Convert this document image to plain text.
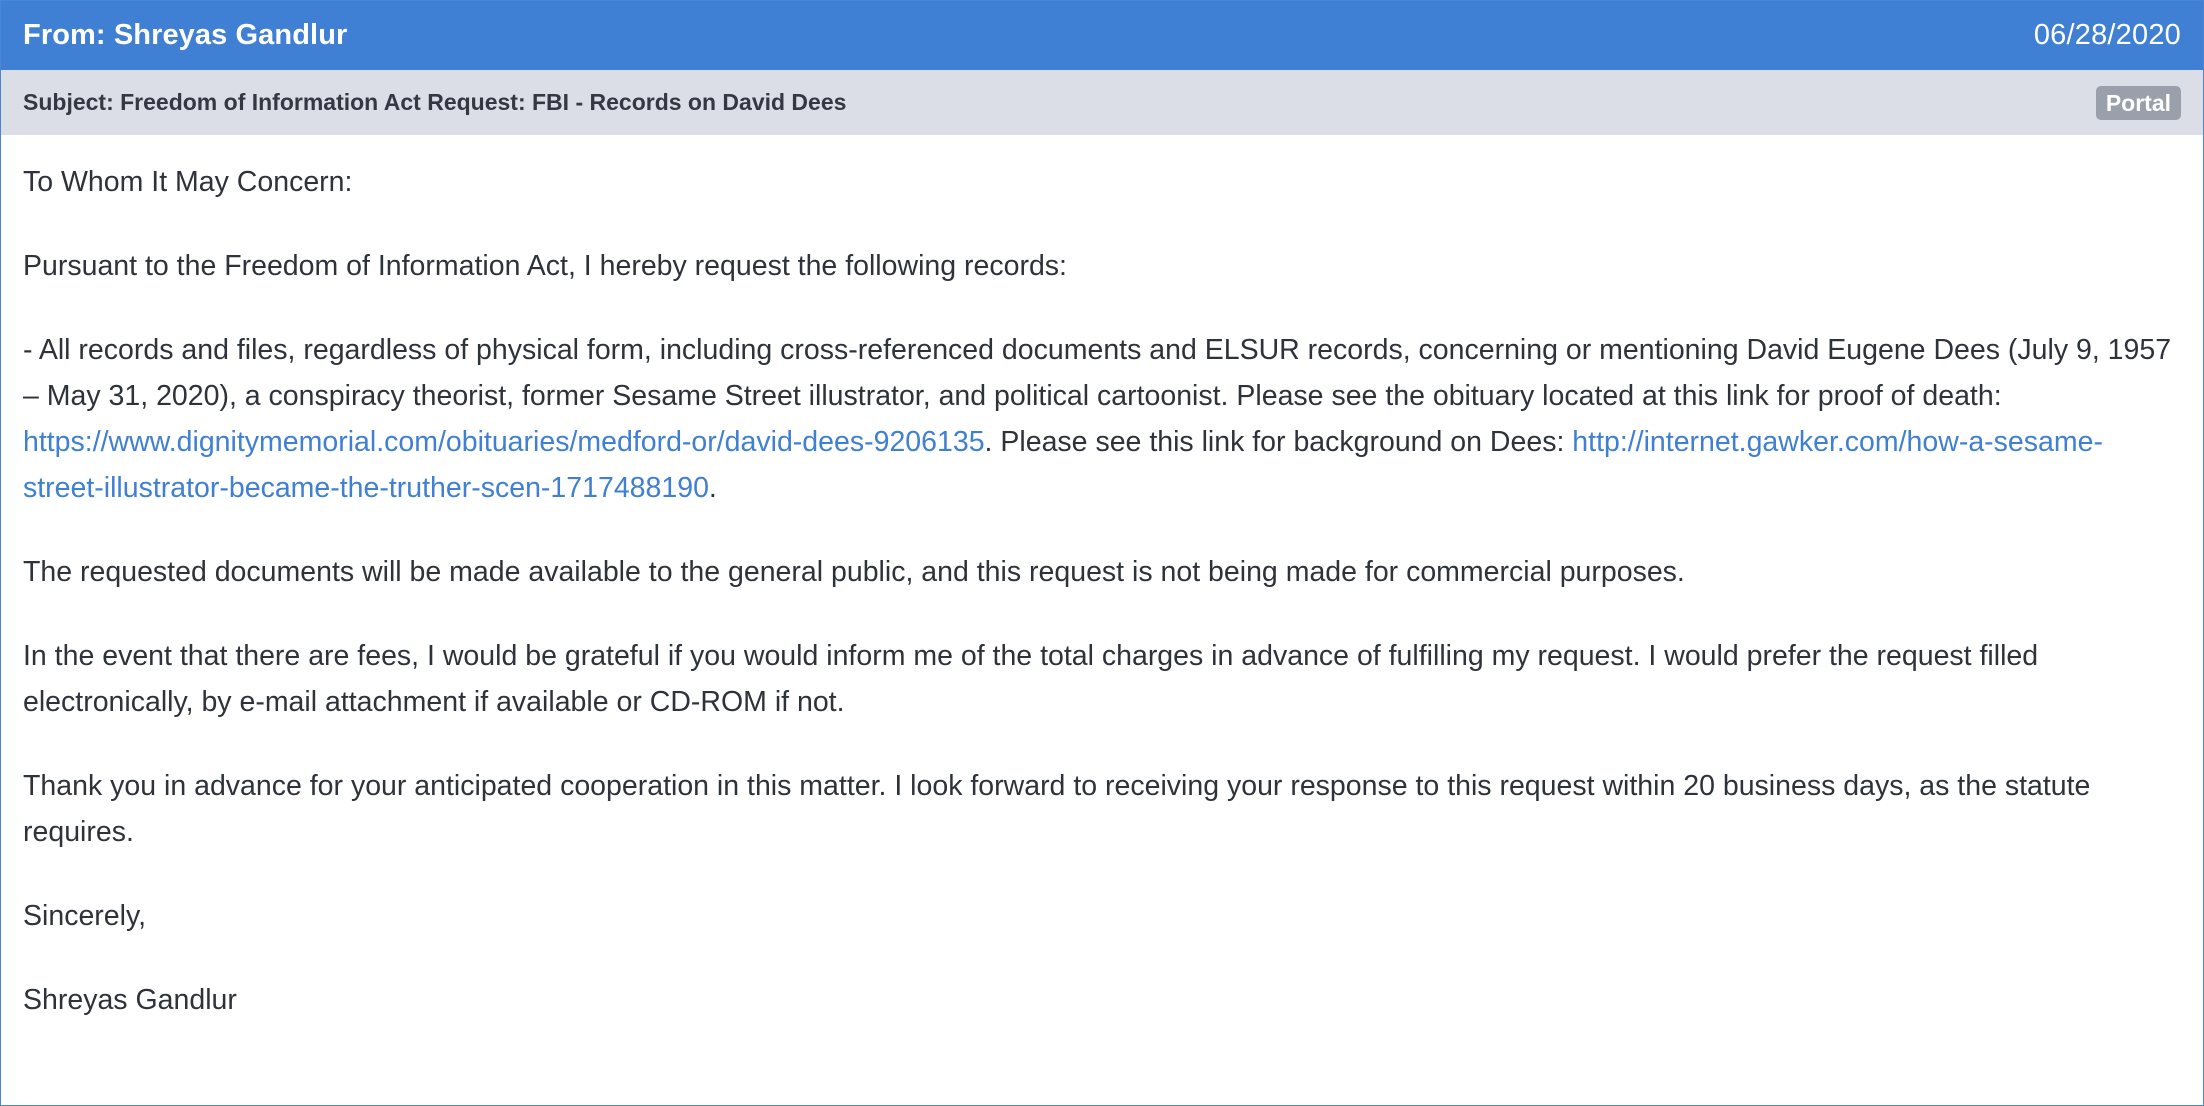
From: Shreyas Gandlur	06/28/2020
Subject: Freedom of Information Act Request: FBI - Records on David Dees	Portal

To Whom It May Concern:

Pursuant to the Freedom of Information Act, I hereby request the following records:

- All records and files, regardless of physical form, including cross-referenced documents and ELSUR records, concerning or mentioning David Eugene Dees (July 9, 1957 – May 31, 2020), a conspiracy theorist, former Sesame Street illustrator, and political cartoonist. Please see the obituary located at this link for proof of death: https://www.dignitymemorial.com/obituaries/medford-or/david-dees-9206135. Please see this link for background on Dees: http://internet.gawker.com/how-a-sesame-street-illustrator-became-the-truther-scen-1717488190.

The requested documents will be made available to the general public, and this request is not being made for commercial purposes.

In the event that there are fees, I would be grateful if you would inform me of the total charges in advance of fulfilling my request. I would prefer the request filled electronically, by e-mail attachment if available or CD-ROM if not.

Thank you in advance for your anticipated cooperation in this matter. I look forward to receiving your response to this request within 20 business days, as the statute requires.

Sincerely,

Shreyas Gandlur
